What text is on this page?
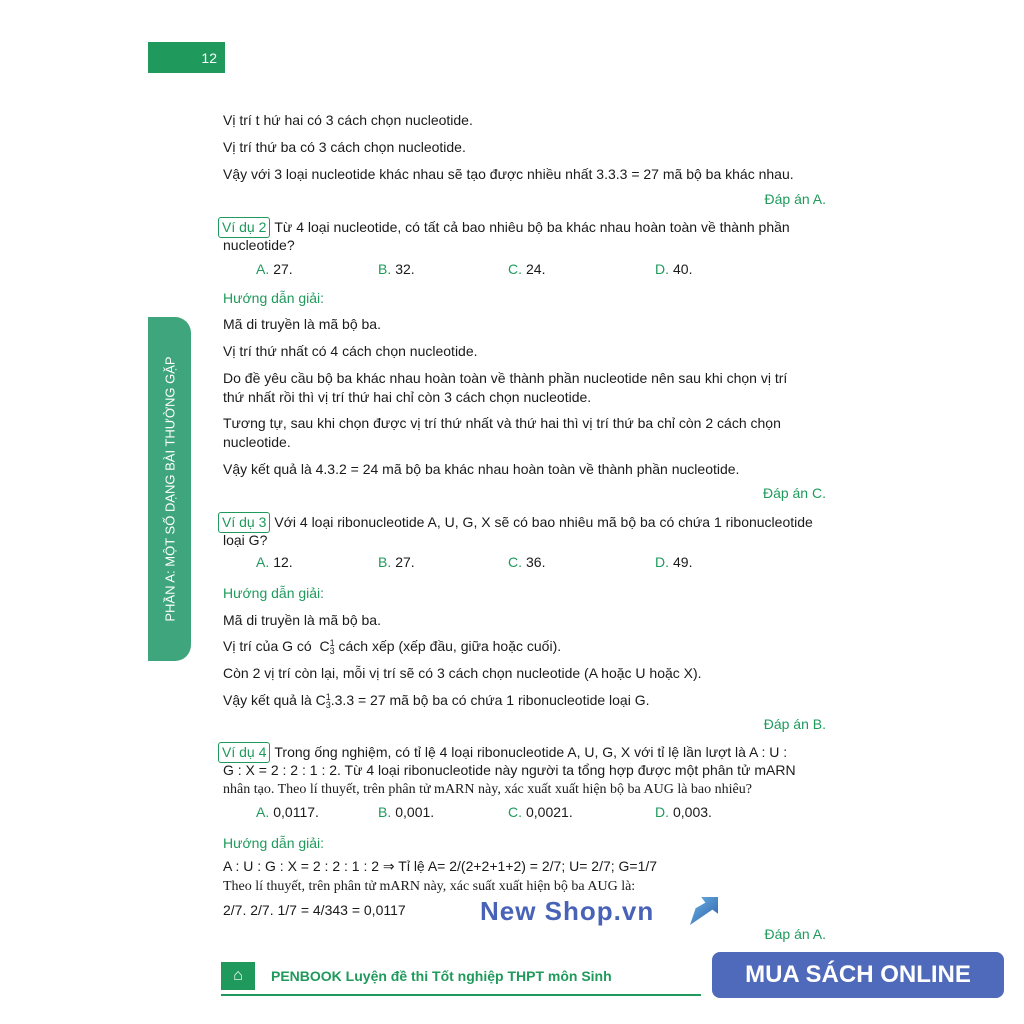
12
PHẦN A: MỘT SỐ DẠNG BÀI THƯỜNG GẶP
Vị trí t hứ hai có 3 cách chọn nucleotide.
Vị trí thứ ba có 3 cách chọn nucleotide.
Vậy với 3 loại nucleotide khác nhau sẽ tạo được nhiều nhất 3.3.3 = 27 mã bộ ba khác nhau.
Đáp án A.
Ví dụ 2 Từ 4 loại nucleotide, có tất cả bao nhiêu bộ ba khác nhau hoàn toàn về thành phần
nucleotide?
A. 27.	B. 32.	C. 24.	D. 40.
Hướng dẫn giải:
Mã di truyền là mã bộ ba.
Vị trí thứ nhất có 4 cách chọn nucleotide.
Do đề yêu cầu bộ ba khác nhau hoàn toàn về thành phần nucleotide nên sau khi chọn vị trí
thứ nhất rồi thì vị trí thứ hai chỉ còn 3 cách chọn nucleotide.
Tương tự, sau khi chọn được vị trí thứ nhất và thứ hai thì vị trí thứ ba chỉ còn 2 cách chọn
nucleotide.
Vậy kết quả là 4.3.2 = 24 mã bộ ba khác nhau hoàn toàn về thành phần nucleotide.
Đáp án C.
Ví dụ 3 Với 4 loại ribonucleotide A, U, G, X sẽ có bao nhiêu mã bộ ba có chứa 1 ribonucleotide
loại G?
A. 12.	B. 27.	C. 36.	D. 49.
Hướng dẫn giải:
Mã di truyền là mã bộ ba.
Vị trí của G có C 1
3 cách xếp (xếp đầu, giữa hoặc cuối).
Còn 2 vị trí còn lại, mỗi vị trí sẽ có 3 cách chọn nucleotide (A hoặc U hoặc X).
Vậy kết quả là C 1
3 .3.3 = 27 mã bộ ba có chứa 1 ribonucleotide loại G.
Đáp án B.
Ví dụ 4 Trong ống nghiệm, có tỉ lệ 4 loại ribonucleotide A, U, G, X với tỉ lệ lần lượt là A : U :
G : X = 2 : 2 : 1 : 2. Từ 4 loại ribonucleotide này người ta tổng hợp được một phân tử mARN
nhân tạo. Theo lí thuyết, trên phân tử mARN này, xác xuất xuất hiện bộ ba AUG là bao nhiêu?
A. 0,0117.	B. 0,001.	C. 0,0021.	D. 0,003.
Hướng dẫn giải:
A : U : G : X = 2 : 2 : 1 : 2 ⇒ Tỉ lệ A= 2/(2+2+1+2) = 2/7; U= 2/7; G=1/7
Theo lí thuyết, trên phân tử mARN này, xác suất xuất hiện bộ ba AUG là:
2/7. 2/7. 1/7 = 4/343 = 0,0117
Đáp án A.
⌂	PENBOOK Luyện đề thi Tốt nghiệp THPT môn Sinh
New Shop.vn
MUA SÁCH ONLINE
